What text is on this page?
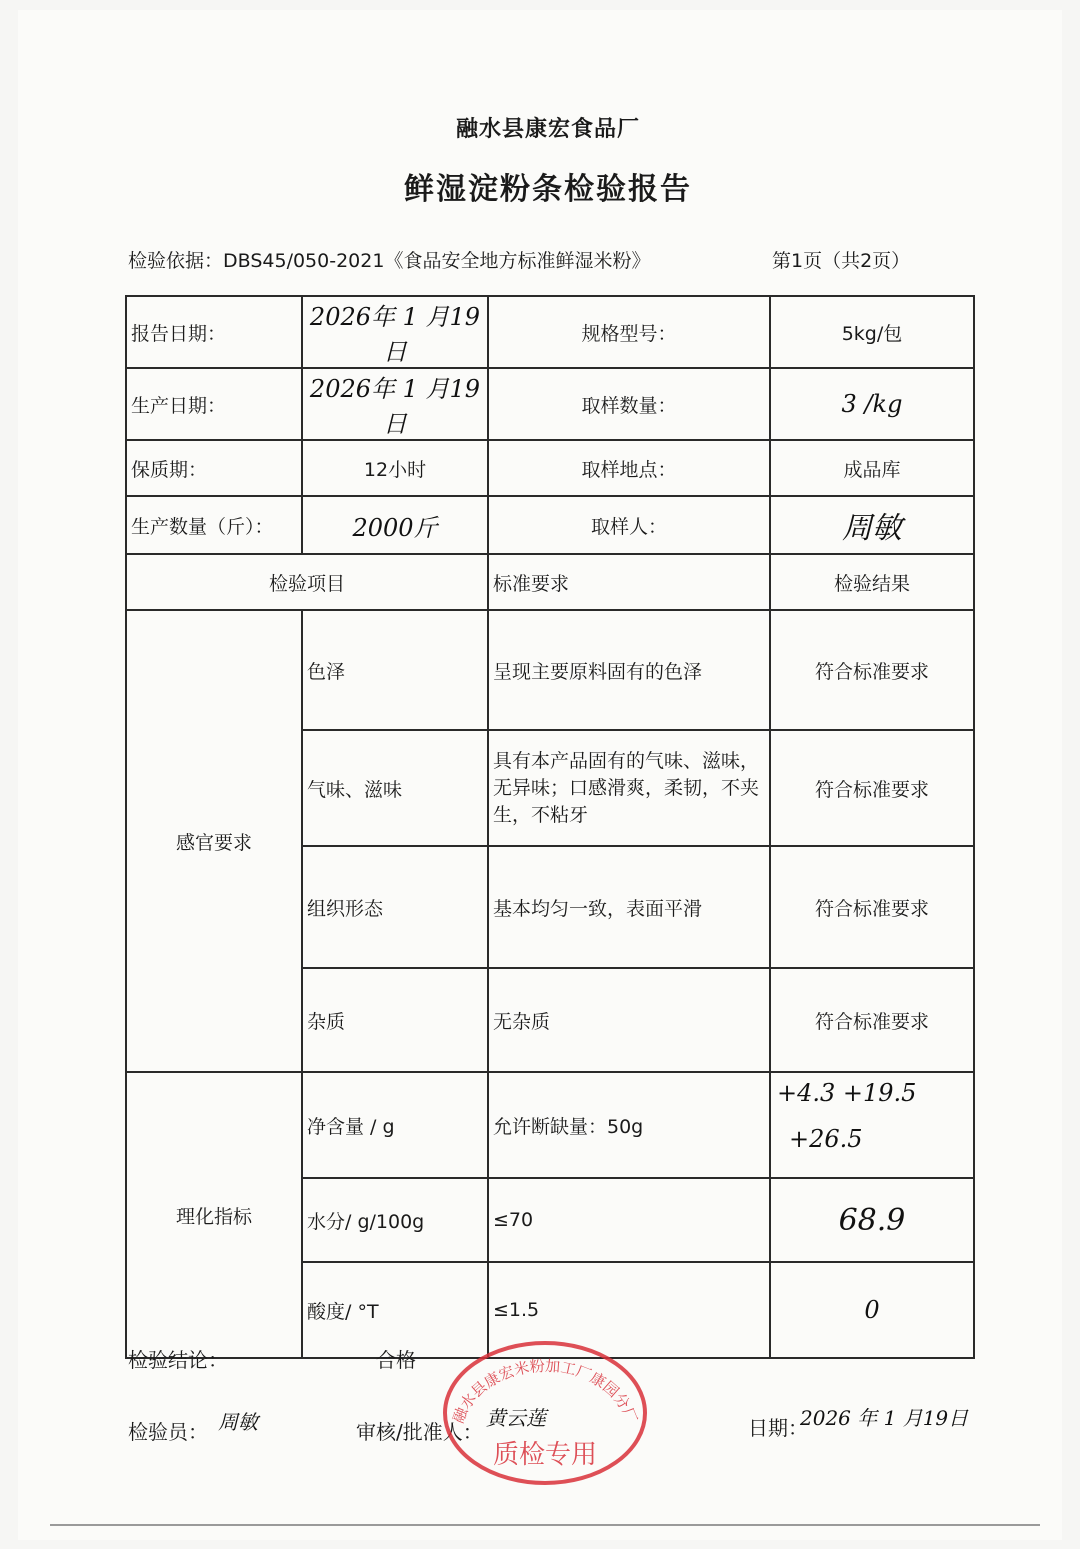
融水县康宏食品厂
鲜湿淀粉条检验报告
检验依据：DBS45/050-2021《食品安全地方标准鲜湿米粉》	第1页（共2页）
报告日期：	2026年 1 月19日	规格型号：	5kg/包
生产日期：	2026年 1 月19日	取样数量：	3 /kg
保质期：	12小时	取样地点：	成品库
生产数量（斤）：	2000斤	取样人：	周敏
检验项目		标准要求	检验结果
感官要求	色泽	呈现主要原料固有的色泽	符合标准要求
	气味、滋味	具有本产品固有的气味、滋味，无异味；口感滑爽，柔韧，不夹生，不粘牙	符合标准要求
	组织形态	基本均匀一致，表面平滑	符合标准要求
	杂质	无杂质	符合标准要求
理化指标	净含量 / g	允许断缺量：50g	+4.3 +19.5
+26.5

	水分/ g/100g	≤70	68.9
	酸度/ °T	≤1.5	0
检验结论：	合格
检验员： 周敏	审核/批准人：
黄云莲	日期：
2026 年 1 月19日
融水县康宏米粉加工厂康园分厂
质检专用
